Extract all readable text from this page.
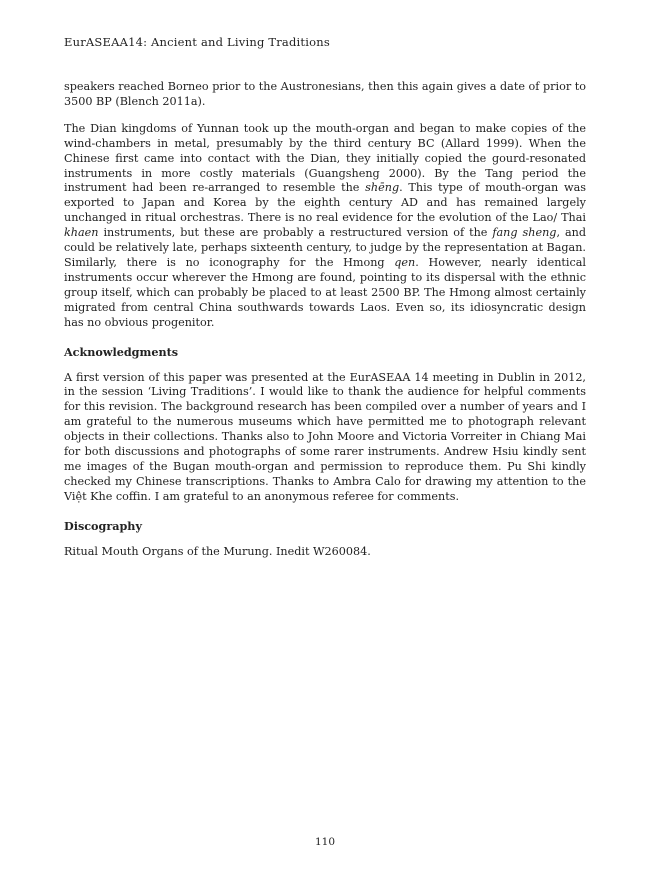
EurASEAA14: Ancient and Living Traditions

speakers reached Borneo prior to the Austronesians, then this again gives a date of prior to 3500 BP (Blench 2011a).

The Dian kingdoms of Yunnan took up the mouth-organ and began to make copies of the wind-chambers in metal, presumably by the third century BC (Allard 1999). When the Chinese first came into contact with the Dian, they initially copied the gourd-resonated instruments in more costly materials (Guangsheng 2000). By the Tang period the instrument had been re-arranged to resemble the shēng. This type of mouth-organ was exported to Japan and Korea by the eighth century AD and has remained largely unchanged in ritual orchestras. There is no real evidence for the evolution of the Lao/ Thai khaen instruments, but these are probably a restructured version of the fang sheng, and could be relatively late, perhaps sixteenth century, to judge by the representation at Bagan. Similarly, there is no iconography for the Hmong qen. However, nearly identical instruments occur wherever the Hmong are found, pointing to its dispersal with the ethnic group itself, which can probably be placed to at least 2500 BP. The Hmong almost certainly migrated from central China southwards towards Laos. Even so, its idiosyncratic design has no obvious progenitor.

Acknowledgments

A first version of this paper was presented at the EurASEAA 14 meeting in Dublin in 2012, in the session ‘Living Traditions’. I would like to thank the audience for helpful comments for this revision. The background research has been compiled over a number of years and I am grateful to the numerous museums which have permitted me to photograph relevant objects in their collections. Thanks also to John Moore and Victoria Vorreiter in Chiang Mai for both discussions and photographs of some rarer instruments. Andrew Hsiu kindly sent me images of the Bugan mouth-organ and permission to reproduce them. Pu Shi kindly checked my Chinese transcriptions. Thanks to Ambra Calo for drawing my attention to the Việt Khe coffin. I am grateful to an anonymous referee for comments.

Discography

Ritual Mouth Organs of the Murung. Inedit W260084.

110
